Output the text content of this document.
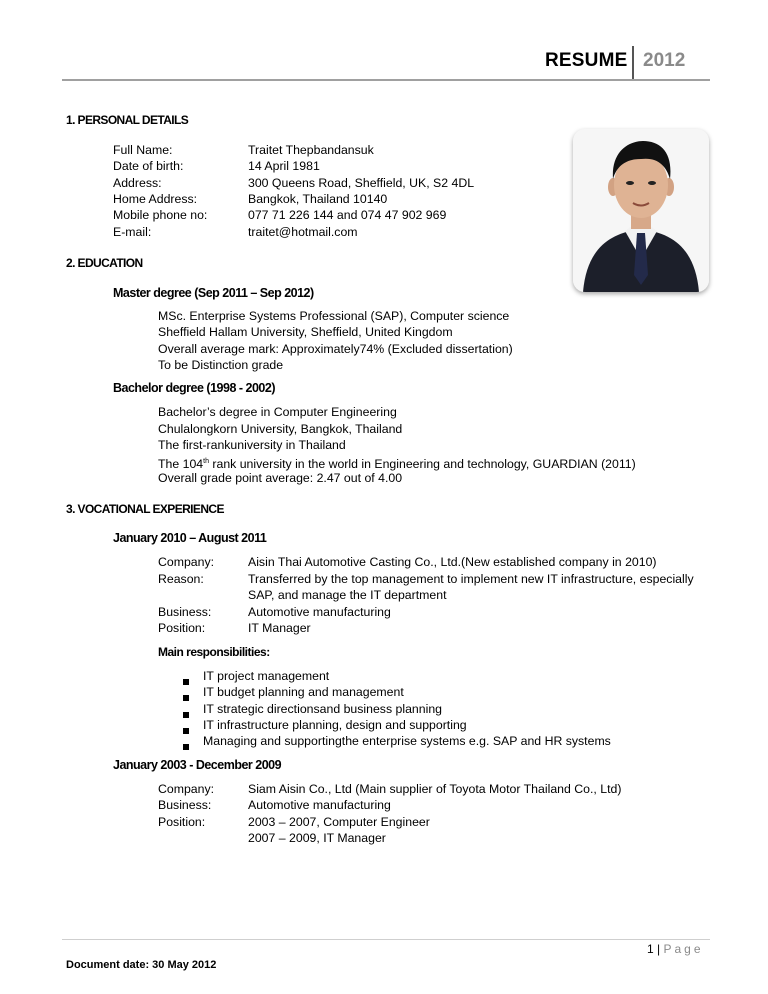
RESUME 2012
1. PERSONAL DETAILS
Full Name:	Traitet Thepbandansuk
Date of birth:	14 April 1981
Address:	300 Queens Road, Sheffield, UK, S2 4DL
Home Address:	Bangkok, Thailand 10140
Mobile phone no:	077 71 226 144 and 074 47 902 969
E-mail:	traitet@hotmail.com
2. EDUCATION
Master degree (Sep 2011 – Sep 2012)
MSc. Enterprise Systems Professional (SAP), Computer science
Sheffield Hallam University, Sheffield, United Kingdom
Overall average mark: Approximately74% (Excluded dissertation)
To be Distinction grade
Bachelor degree (1998 - 2002)
Bachelor’s degree in Computer Engineering
Chulalongkorn University, Bangkok, Thailand
The first-rankuniversity in Thailand
The 104th rank university in the world in Engineering and technology, GUARDIAN (2011)
Overall grade point average: 2.47 out of 4.00
3. VOCATIONAL EXPERIENCE
January 2010 – August 2011
Company:	Aisin Thai Automotive Casting Co., Ltd.(New established company in 2010)
Reason:	Transferred by the top management to implement new IT infrastructure, especially
SAP, and manage the IT department
Business:	Automotive manufacturing
Position:	IT Manager
Main responsibilities:
IT project management
IT budget planning and management
IT strategic directionsand business planning
IT infrastructure planning, design and supporting
Managing and supportingthe enterprise systems e.g. SAP and HR systems
January 2003 - December 2009
Company:	Siam Aisin Co., Ltd (Main supplier of Toyota Motor Thailand Co., Ltd)
Business:	Automotive manufacturing
Position:	2003 – 2007, Computer Engineer
2007 – 2009, IT Manager
1 | Page
Document date: 30 May 2012
